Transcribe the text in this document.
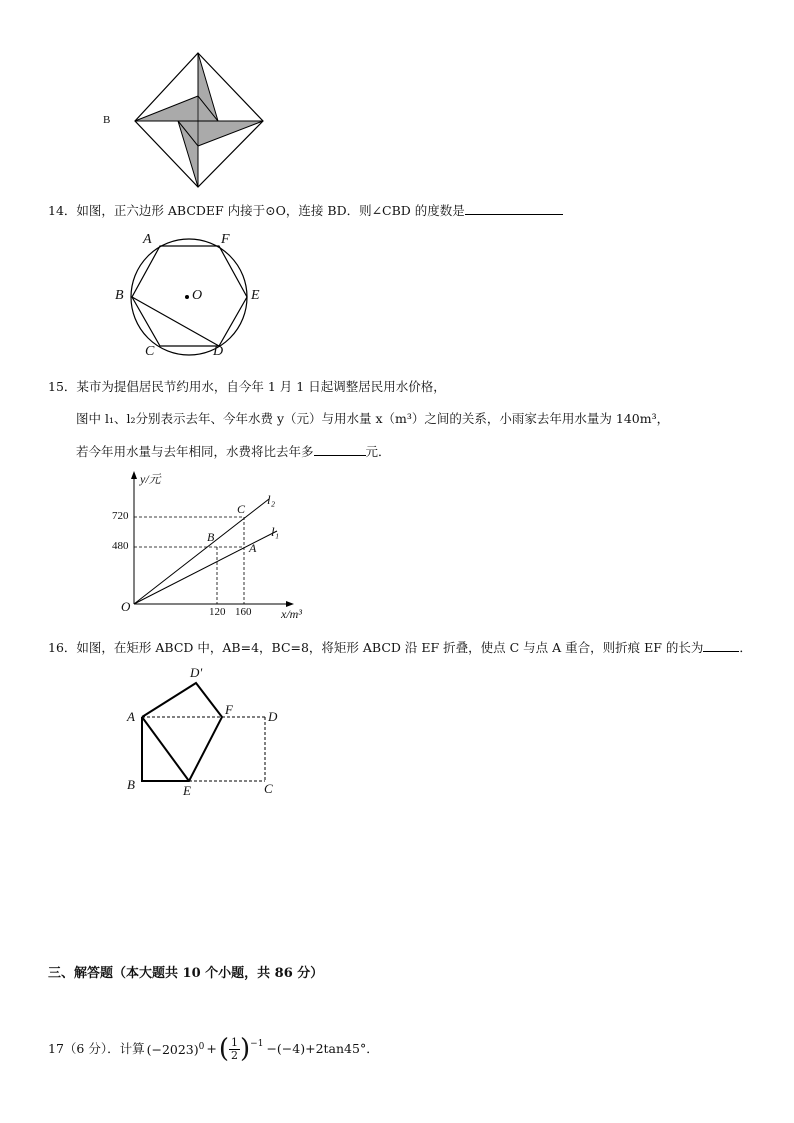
B
14．如图，正六边形 ABCDEF 内接于⊙O，连接 BD．则∠CBD 的度数是
A	F
B	O	E
C	D
15．某市为提倡居民节约用水，自今年 1 月 1 日起调整居民用水价格，
图中 l₁、l₂分别表示去年、今年水费 y（元）与用水量 x（m³）之间的关系，小雨家去年用水量为 140m³，
若今年用水量与去年相同，水费将比去年多	元．
y/元
x/m³
O
720
480
120 160
B
C
A
l₂
l₁
16．如图，在矩形 ABCD 中，AB=4，BC=8，将矩形 ABCD 沿 EF 折叠，使点 C 与点 A 重合，则折痕 EF 的长为	．
D'
A	F	D
B	E	C
三、解答题（本大题共 10 个小题，共 86 分）
17（6 分）．计算 $(-2023)^0$ + ( $\frac{1}{2} )^{-1} -(-4)+2\tan 45^\circ$．
